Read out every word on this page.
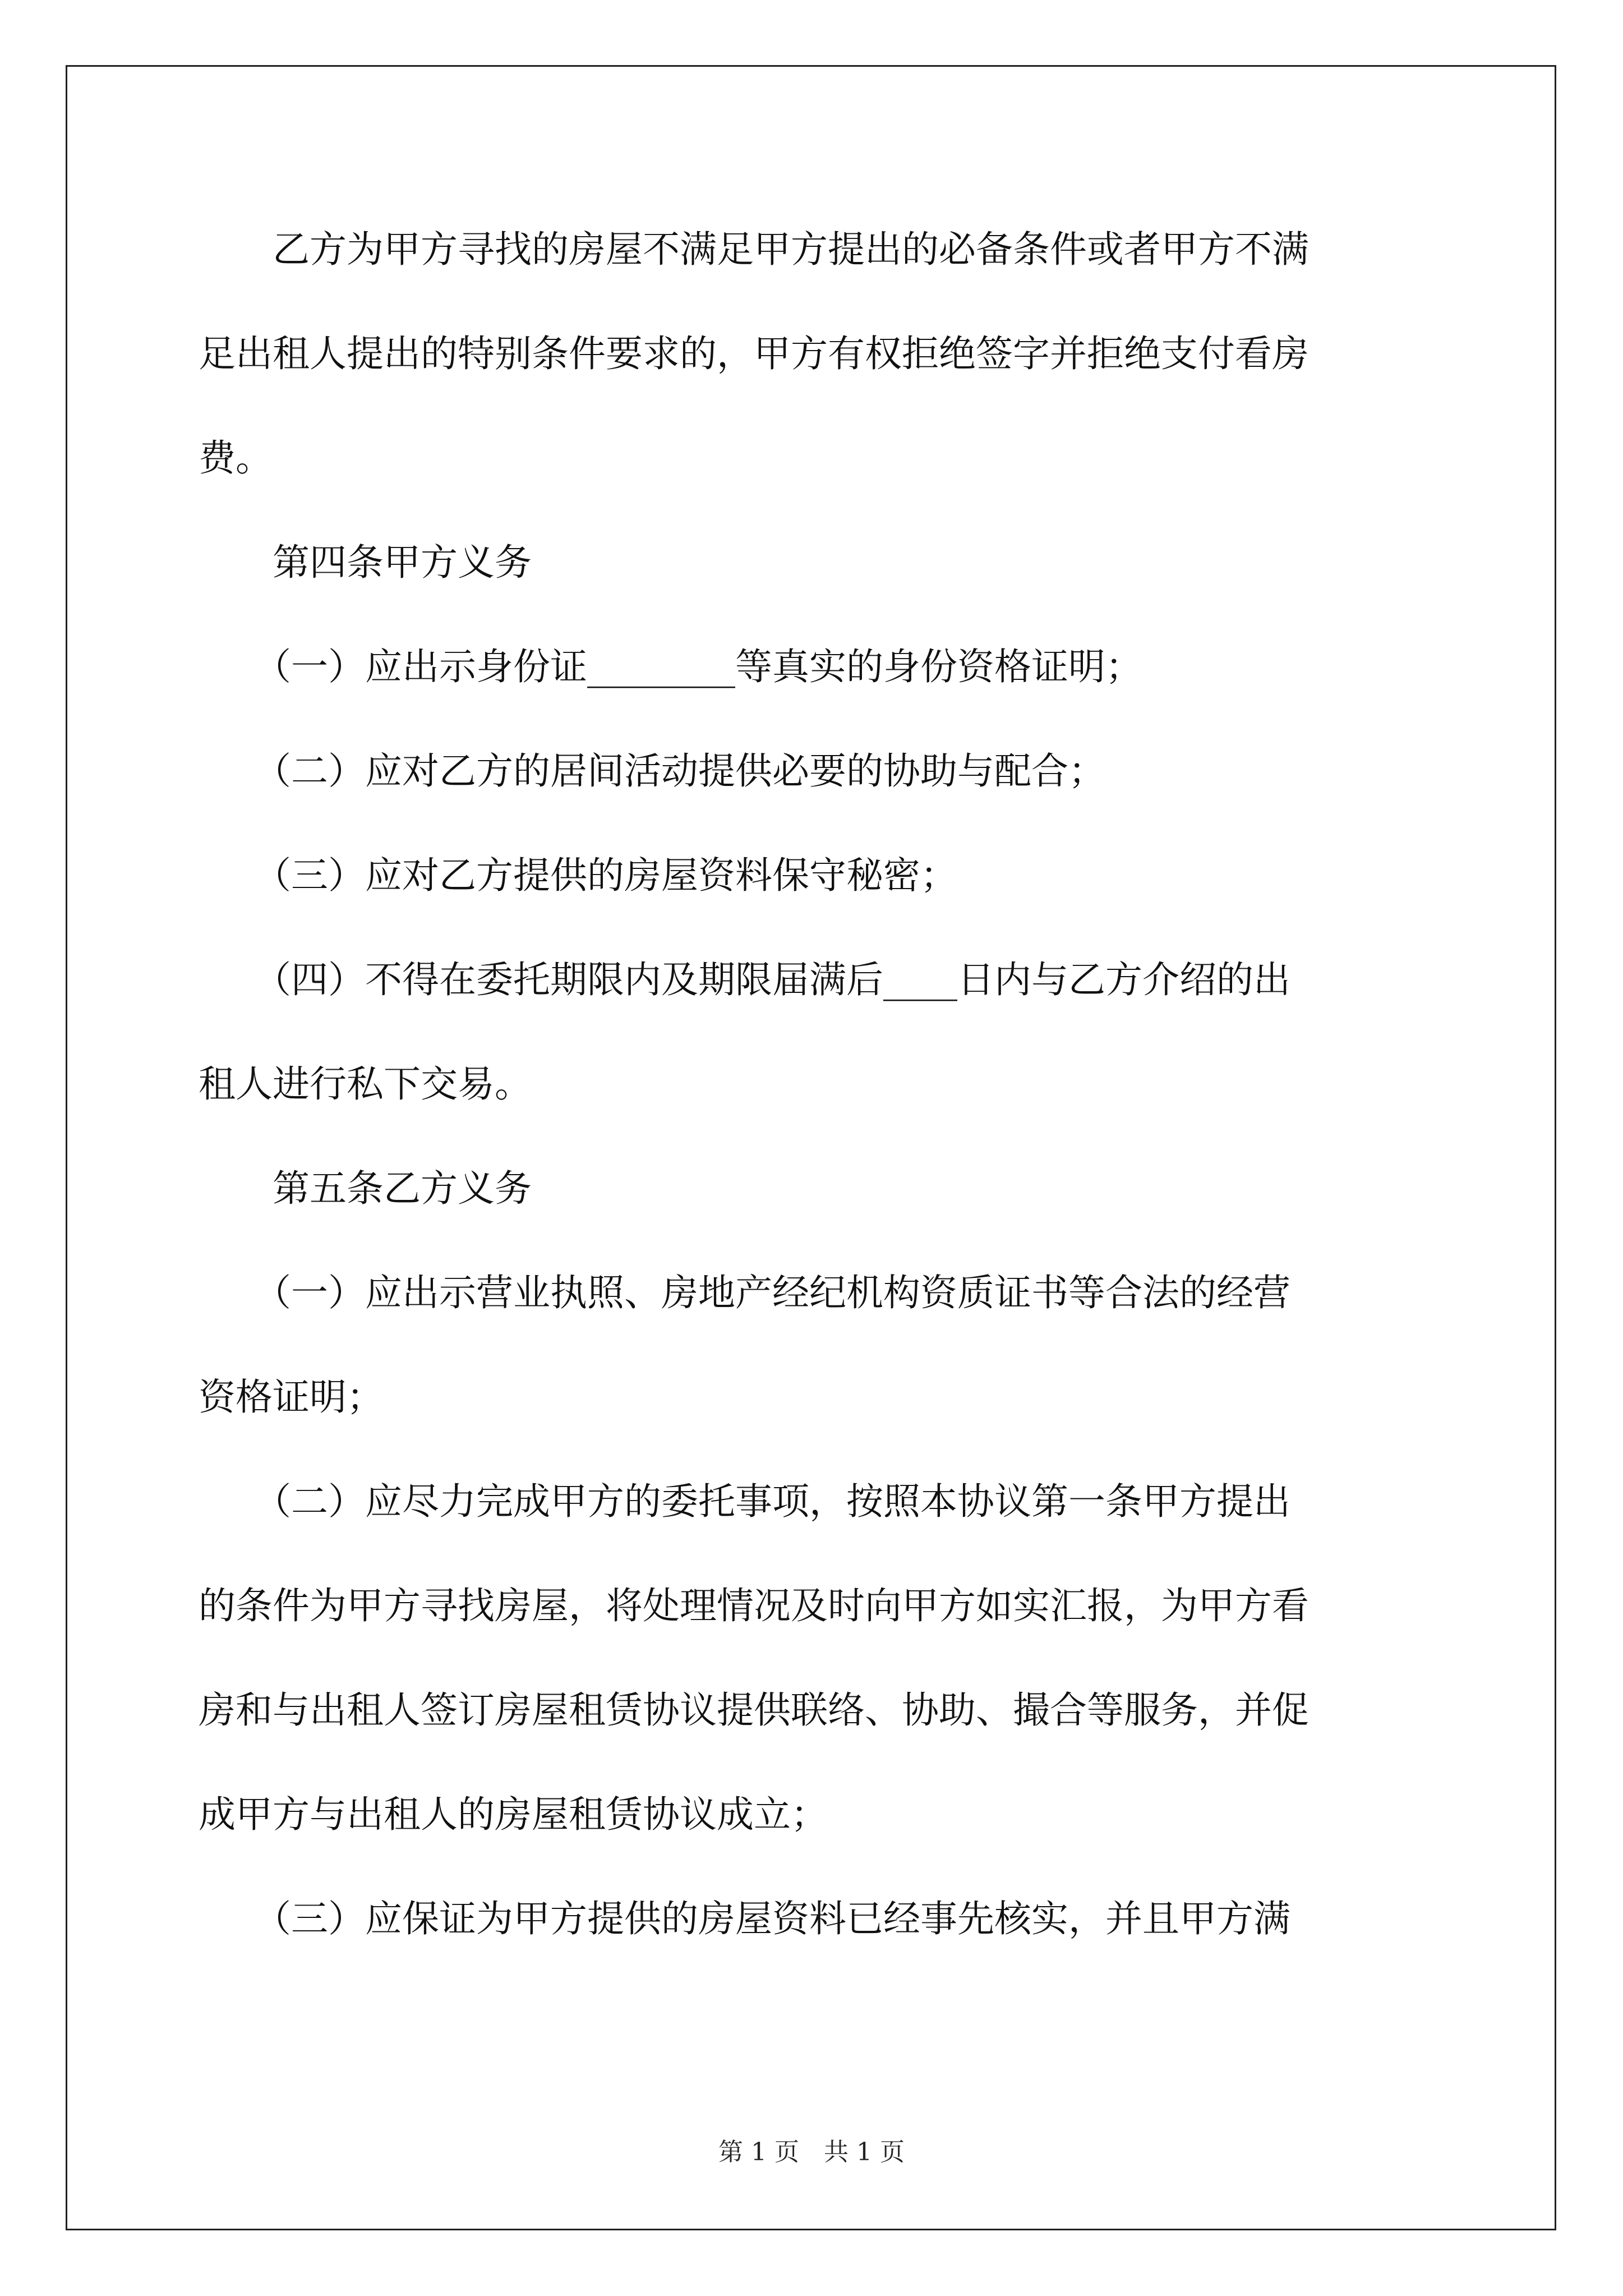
　　乙方为甲方寻找的房屋不满足甲方提出的必备条件或者甲方不满
足出租人提出的特别条件要求的，甲方有权拒绝签字并拒绝支付看房
费。
　　第四条甲方义务
　　（一）应出示身份证________等真实的身份资格证明；
　　（二）应对乙方的居间活动提供必要的协助与配合；
　　（三）应对乙方提供的房屋资料保守秘密；
　　（四）不得在委托期限内及期限届满后____日内与乙方介绍的出
租人进行私下交易。
　　第五条乙方义务
　　（一）应出示营业执照、房地产经纪机构资质证书等合法的经营
资格证明；
　　（二）应尽力完成甲方的委托事项，按照本协议第一条甲方提出
的条件为甲方寻找房屋，将处理情况及时向甲方如实汇报，为甲方看
房和与出租人签订房屋租赁协议提供联络、协助、撮合等服务，并促
成甲方与出租人的房屋租赁协议成立；
　　（三）应保证为甲方提供的房屋资料已经事先核实，并且甲方满
第 1 页　共 1 页
